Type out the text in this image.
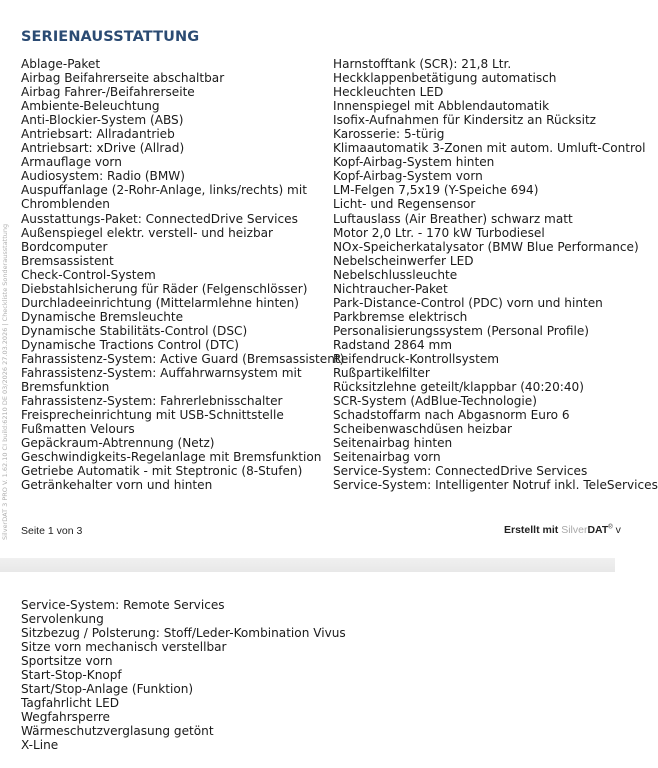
SERIENAUSSTATTUNG
Ablage-Paket
Airbag Beifahrerseite abschaltbar
Airbag Fahrer-/Beifahrerseite
Ambiente-Beleuchtung
Anti-Blockier-System (ABS)
Antriebsart: Allradantrieb
Antriebsart: xDrive (Allrad)
Armauflage vorn
Audiosystem: Radio (BMW)
Auspuffanlage (2-Rohr-Anlage, links/rechts) mit
Chromblenden
Ausstattungs-Paket: ConnectedDrive Services
Außenspiegel elektr. verstell- und heizbar
Bordcomputer
Bremsassistent
Check-Control-System
Diebstahlsicherung für Räder (Felgenschlösser)
Durchladeeinrichtung (Mittelarmlehne hinten)
Dynamische Bremsleuchte
Dynamische Stabilitäts-Control (DSC)
Dynamische Tractions Control (DTC)
Fahrassistenz-System: Active Guard (Bremsassistent)
Fahrassistenz-System: Auffahrwarnsystem mit
Bremsfunktion
Fahrassistenz-System: Fahrerlebnisschalter
Freisprecheinrichtung mit USB-Schnittstelle
Fußmatten Velours
Gepäckraum-Abtrennung (Netz)
Geschwindigkeits-Regelanlage mit Bremsfunktion
Getriebe Automatik - mit Steptronic (8-Stufen)
Getränkehalter vorn und hinten
Harnstofftank (SCR): 21,8 Ltr.
Heckklappenbetätigung automatisch
Heckleuchten LED
Innenspiegel mit Abblendautomatik
Isofix-Aufnahmen für Kindersitz an Rücksitz
Karosserie: 5-türig
Klimaautomatik 3-Zonen mit autom. Umluft-Control
Kopf-Airbag-System hinten
Kopf-Airbag-System vorn
LM-Felgen 7,5x19 (Y-Speiche 694)
Licht- und Regensensor
Luftauslass (Air Breather) schwarz matt
Motor 2,0 Ltr. - 170 kW Turbodiesel
NOx-Speicherkatalysator (BMW Blue Performance)
Nebelscheinwerfer LED
Nebelschlussleuchte
Nichtraucher-Paket
Park-Distance-Control (PDC) vorn und hinten
Parkbremse elektrisch
Personalisierungssystem (Personal Profile)
Radstand 2864 mm
Reifendruck-Kontrollsystem
Rußpartikelfilter
Rücksitzlehne geteilt/klappbar (40:20:40)
SCR-System (AdBlue-Technologie)
Schadstoffarm nach Abgasnorm Euro 6
Scheibenwaschdüsen heizbar
Seitenairbag hinten
Seitenairbag vorn
Service-System: ConnectedDrive Services
Service-System: Intelligenter Notruf inkl. TeleServices
SilverDAT 3 PRO V. 1.62.10 CI build:6210 DE 03/2026 27.03.2026 | Checkliste Sonderausstattung Seite 1 von 3	Erstellt mit SilverDAT® v
Service-System: Remote Services
Servolenkung
Sitzbezug / Polsterung: Stoff/Leder-Kombination Vivus
Sitze vorn mechanisch verstellbar
Sportsitze vorn
Start-Stop-Knopf
Start/Stop-Anlage (Funktion)
Tagfahrlicht LED
Wegfahrsperre
Wärmeschutzverglasung getönt
X-Line
